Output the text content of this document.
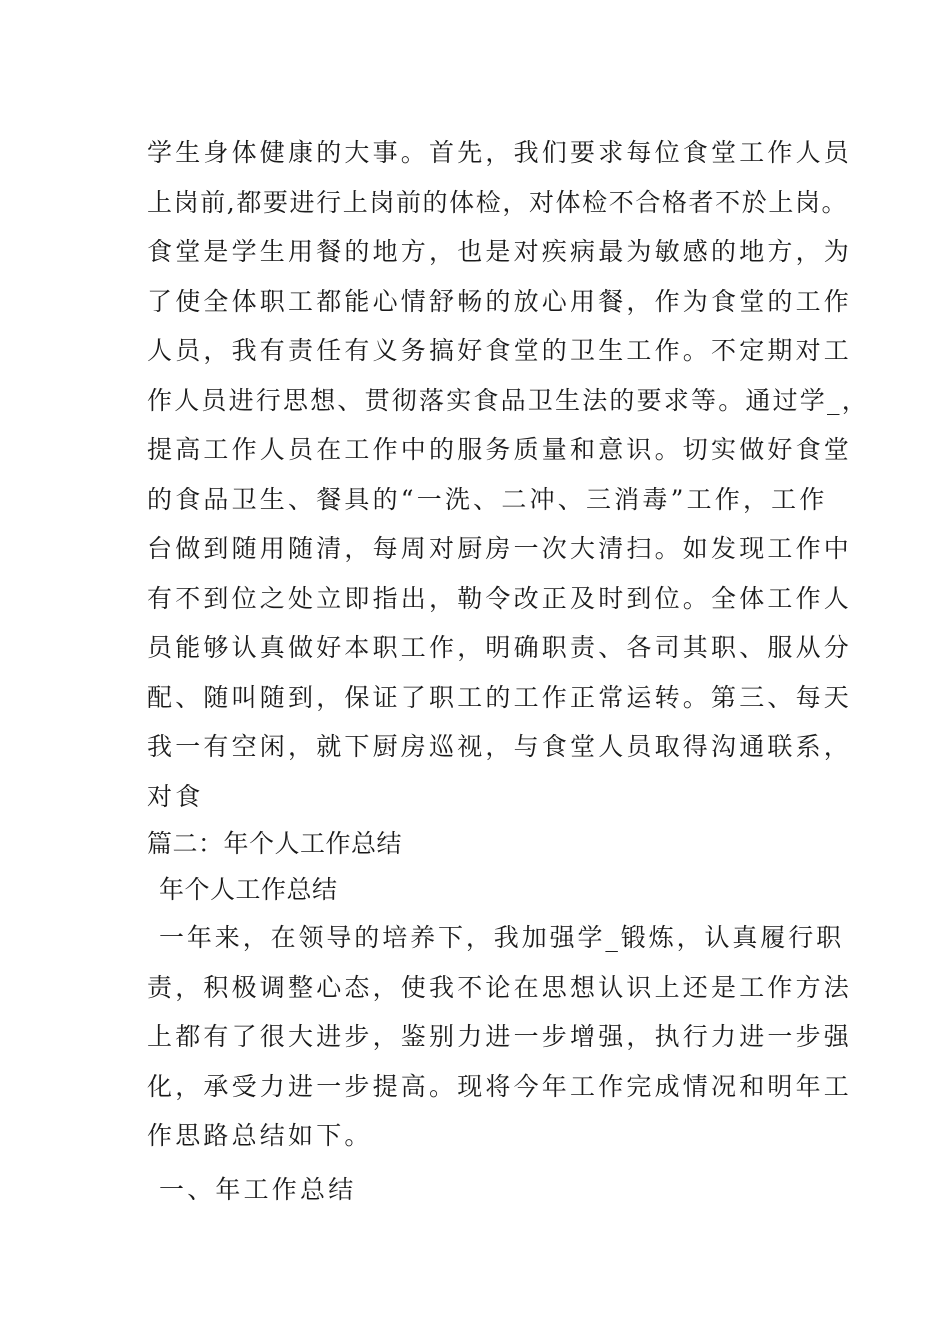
学生身体健康的大事。首先，我们要求每位食堂工作人员
上岗前,都要进行上岗前的体检，对体检不合格者不於上岗。
食堂是学生用餐的地方，也是对疾病最为敏感的地方，为
了使全体职工都能心情舒畅的放心用餐，作为食堂的工作
人员，我有责任有义务搞好食堂的卫生工作。不定期对工
作人员进行思想、贯彻落实食品卫生法的要求等。通过学_，
提高工作人员在工作中的服务质量和意识。切实做好食堂
的食品卫生、餐具的“一洗、二冲、三消毒”工作，工作
台做到随用随清，每周对厨房一次大清扫。如发现工作中
有不到位之处立即指出，勒令改正及时到位。全体工作人
员能够认真做好本职工作，明确职责、各司其职、服从分
配、随叫随到，保证了职工的工作正常运转。第三、每天
我一有空闲，就下厨房巡视，与食堂人员取得沟通联系，
对食
篇二：年个人工作总结
年个人工作总结
一年来，在领导的培养下，我加强学_锻炼，认真履行职
责，积极调整心态，使我不论在思想认识上还是工作方法
上都有了很大进步，鉴别力进一步增强，执行力进一步强
化，承受力进一步提高。现将今年工作完成情况和明年工
作思路总结如下。
一、年工作总结
